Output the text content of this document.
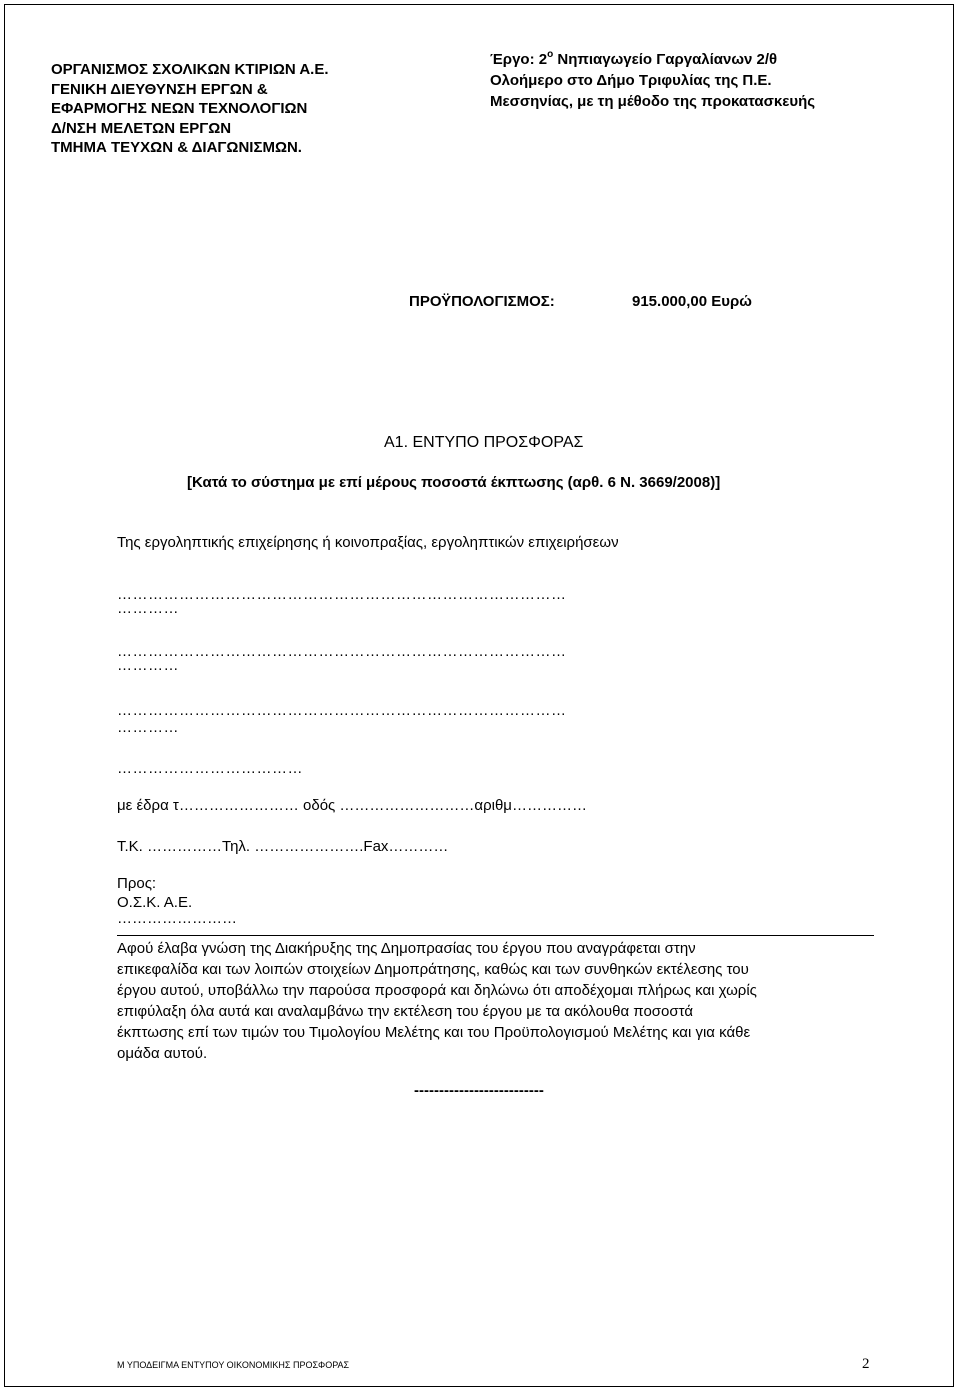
ΟΡΓΑΝΙΣΜΟΣ ΣΧΟΛΙΚΩΝ ΚΤΙΡΙΩΝ Α.Ε.
ΓΕΝΙΚΗ ΔΙΕΥΘΥΝΣΗ ΕΡΓΩΝ &
ΕΦΑΡΜΟΓΗΣ ΝΕΩΝ ΤΕΧΝΟΛΟΓΙΩΝ
Δ/ΝΣΗ ΜΕΛΕΤΩΝ ΕΡΓΩΝ
ΤΜΗΜΑ ΤΕΥΧΩΝ & ΔΙΑΓΩΝΙΣΜΩΝ.
Έργο: $2^o$ Νηπιαγωγείο Γαργαλίανων 2/θ
Ολοήμερο στο Δήμο Τριφυλίας της Π.Ε.
Μεσσηνίας, με τη μέθοδο της προκατασκευής
ΠΡΟΫΠΟΛΟΓΙΣΜΟΣ:	915.000,00 Ευρώ
Α1. ΕΝΤΥΠΟ ΠΡΟΣΦΟΡΑΣ
[Κατά το σύστημα με επί μέρους ποσοστά έκπτωσης (αρθ. 6 Ν. 3669/2008)]
Της εργοληπτικής επιχείρησης ή κοινοπραξίας, εργοληπτικών επιχειρήσεων
……………………………………………………………………………
…………
……………………………………………………………………………
…………
……………………………………………………………………………
…………
………………………………
με έδρα τ…………………… οδός ………………………αριθμ……………
Τ.Κ. ……………Τηλ. ………………….Fax…………
Προς:
Ο.Σ.Κ. Α.Ε.
……………………
Αφού έλαβα γνώση της Διακήρυξης της Δημοπρασίας του έργου που αναγράφεται στην
επικεφαλίδα και των λοιπών στοιχείων Δημοπράτησης, καθώς και των συνθηκών εκτέλεσης του
έργου αυτού, υποβάλλω την παρούσα προσφορά και δηλώνω ότι αποδέχομαι πλήρως και χωρίς
επιφύλαξη όλα αυτά και αναλαμβάνω την εκτέλεση του έργου με τα ακόλουθα ποσοστά
έκπτωσης επί των τιμών του Τιμολογίου Μελέτης και του Προϋπολογισμού Μελέτης και για κάθε
ομάδα αυτού.
--------------------------
Μ ΥΠΟΔΕΙΓΜΑ ΕΝΤΥΠΟΥ ΟΙΚΟΝΟΜΙΚΗΣ ΠΡΟΣΦΟΡΑΣ	2
